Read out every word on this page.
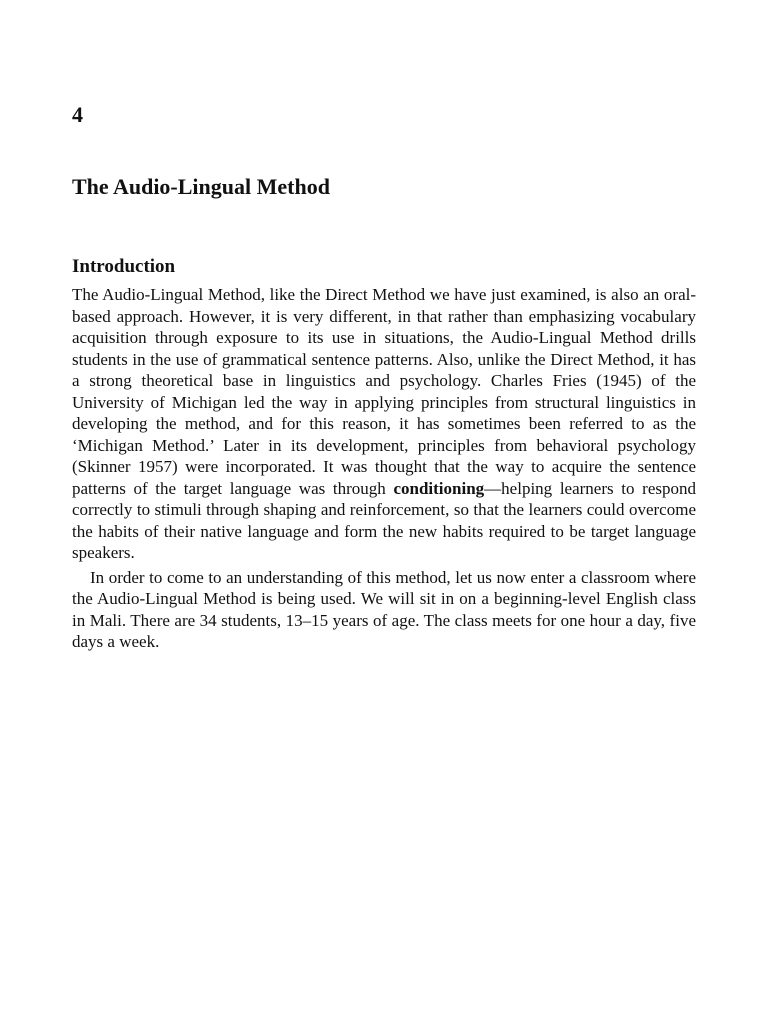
4
The Audio-Lingual Method
Introduction

The Audio-Lingual Method, like the Direct Method we have just examined, is also an oral-based approach. However, it is very different, in that rather than emphasizing vocabulary acquisition through exposure to its use in situations, the Audio-Lingual Method drills students in the use of grammatical sentence patterns. Also, unlike the Direct Method, it has a strong theoretical base in linguistics and psychology. Charles Fries (1945) of the University of Michigan led the way in applying principles from structural linguistics in developing the method, and for this reason, it has sometimes been referred to as the ‘Michigan Method.’ Later in its development, principles from behavioral psychology (Skinner 1957) were incorporated. It was thought that the way to acquire the sentence patterns of the target language was through conditioning—helping learners to respond correctly to stimuli through shaping and reinforcement, so that the learners could overcome the habits of their native language and form the new habits required to be target language speakers.

In order to come to an understanding of this method, let us now enter a classroom where the Audio-Lingual Method is being used. We will sit in on a beginning-level English class in Mali. There are 34 students, 13–15 years of age. The class meets for one hour a day, five days a week.
